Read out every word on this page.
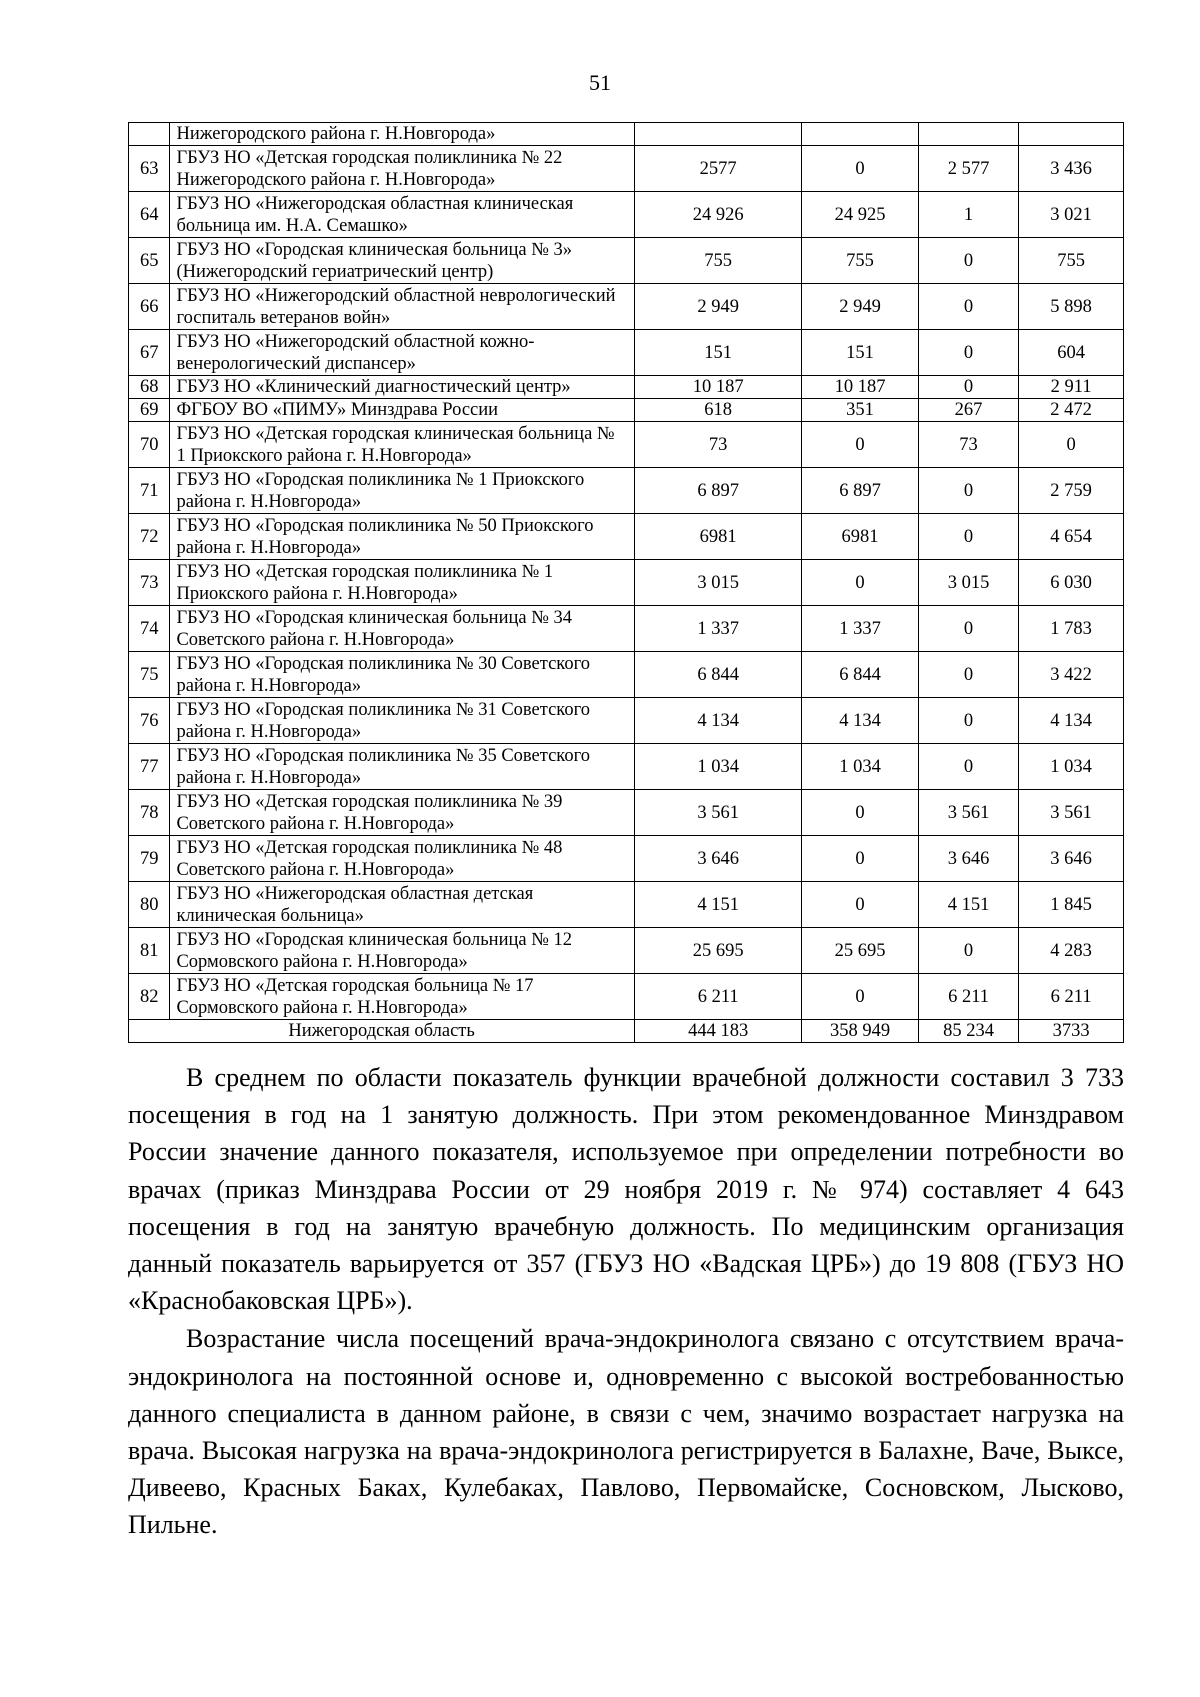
51
	Нижегородского района г. Н.Новгорода»				
63	ГБУЗ НО «Детская городская поликлиника № 22 Нижегородского района г. Н.Новгорода»	2577	0	2 577	3 436
64	ГБУЗ НО «Нижегородская областная клиническая больница им. Н.А. Семашко»	24 926	24 925	1	3 021
65	ГБУЗ НО «Городская клиническая больница № 3» (Нижегородский гериатрический центр)	755	755	0	755
66	ГБУЗ НО «Нижегородский областной неврологический госпиталь ветеранов войн»	2 949	2 949	0	5 898
67	ГБУЗ НО «Нижегородский областной кожно-венерологический диспансер»	151	151	0	604
68	ГБУЗ НО «Клинический диагностический центр»	10 187	10 187	0	2 911
69	ФГБОУ ВО «ПИМУ» Минздрава России	618	351	267	2 472
70	ГБУЗ НО «Детская городская клиническая больница № 1 Приокского района г. Н.Новгорода»	73	0	73	0
71	ГБУЗ НО «Городская поликлиника № 1 Приокского района г. Н.Новгорода»	6 897	6 897	0	2 759
72	ГБУЗ НО «Городская поликлиника № 50 Приокского района г. Н.Новгорода»	6981	6981	0	4 654
73	ГБУЗ НО «Детская городская поликлиника № 1 Приокского района г. Н.Новгорода»	3 015	0	3 015	6 030
74	ГБУЗ НО «Городская клиническая больница № 34 Советского района г. Н.Новгорода»	1 337	1 337	0	1 783
75	ГБУЗ НО «Городская поликлиника № 30 Советского района г. Н.Новгорода»	6 844	6 844	0	3 422
76	ГБУЗ НО «Городская поликлиника № 31 Советского района г. Н.Новгорода»	4 134	4 134	0	4 134
77	ГБУЗ НО «Городская поликлиника № 35 Советского района г. Н.Новгорода»	1 034	1 034	0	1 034
78	ГБУЗ НО «Детская городская поликлиника № 39 Советского района г. Н.Новгорода»	3 561	0	3 561	3 561
79	ГБУЗ НО «Детская городская поликлиника № 48 Советского района г. Н.Новгорода»	3 646	0	3 646	3 646
80	ГБУЗ НО «Нижегородская областная детская клиническая больница»	4 151	0	4 151	1 845
81	ГБУЗ НО «Городская клиническая больница № 12 Сормовского района г. Н.Новгорода»	25 695	25 695	0	4 283
82	ГБУЗ НО «Детская городская больница № 17 Сормовского района г. Н.Новгорода»	6 211	0	6 211	6 211
Нижегородская область		444 183	358 949	85 234	3733

В среднем по области показатель функции врачебной должности составил 3 733 посещения в год на 1 занятую должность. При этом рекомендованное Минздравом России значение данного показателя, используемое при определении потребности во врачах (приказ Минздрава России от 29 ноября 2019 г. № 974) составляет 4 643 посещения в год на занятую врачебную должность. По медицинским организация данный показатель варьируется от 357 (ГБУЗ НО «Вадская ЦРБ») до 19 808 (ГБУЗ НО «Краснобаковская ЦРБ»).

Возрастание числа посещений врача-эндокринолога связано с отсутствием врача-эндокринолога на постоянной основе и, одновременно с высокой востребованностью данного специалиста в данном районе, в связи с чем, значимо возрастает нагрузка на врача. Высокая нагрузка на врача-эндокринолога регистрируется в Балахне, Ваче, Выксе, Дивеево, Красных Баках, Кулебаках, Павлово, Первомайске, Сосновском, Лысково, Пильне.
